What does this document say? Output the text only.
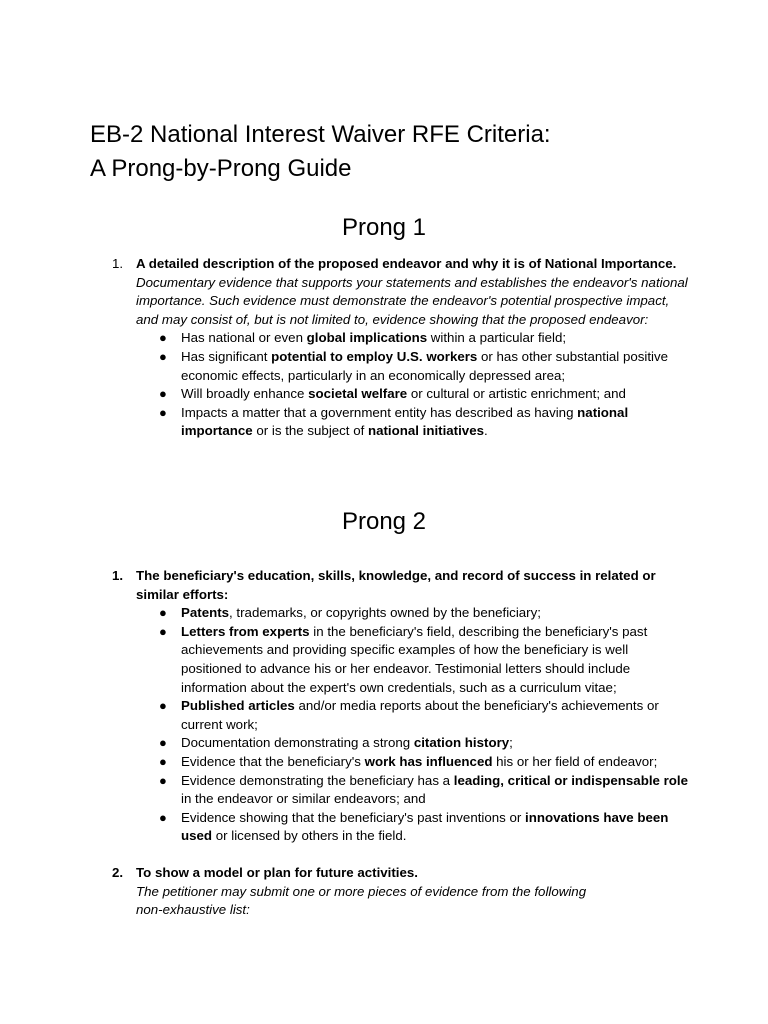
EB-2 National Interest Waiver RFE Criteria:
A Prong-by-Prong Guide
Prong 1
1. A detailed description of the proposed endeavor and why it is of National Importance.
Documentary evidence that supports your statements and establishes the endeavor's national importance. Such evidence must demonstrate the endeavor's potential prospective impact, and may consist of, but is not limited to, evidence showing that the proposed endeavor:
● Has national or even global implications within a particular field;
● Has significant potential to employ U.S. workers or has other substantial positive economic effects, particularly in an economically depressed area;
● Will broadly enhance societal welfare or cultural or artistic enrichment; and
● Impacts a matter that a government entity has described as having national importance or is the subject of national initiatives.
Prong 2
1. The beneficiary's education, skills, knowledge, and record of success in related or similar efforts:
● Patents, trademarks, or copyrights owned by the beneficiary;
● Letters from experts in the beneficiary's field, describing the beneficiary's past achievements and providing specific examples of how the beneficiary is well positioned to advance his or her endeavor. Testimonial letters should include information about the expert's own credentials, such as a curriculum vitae;
● Published articles and/or media reports about the beneficiary's achievements or current work;
● Documentation demonstrating a strong citation history;
● Evidence that the beneficiary's work has influenced his or her field of endeavor;
● Evidence demonstrating the beneficiary has a leading, critical or indispensable role in the endeavor or similar endeavors; and
● Evidence showing that the beneficiary's past inventions or innovations have been used or licensed by others in the field.
2. To show a model or plan for future activities.
The petitioner may submit one or more pieces of evidence from the following
non-exhaustive list:
